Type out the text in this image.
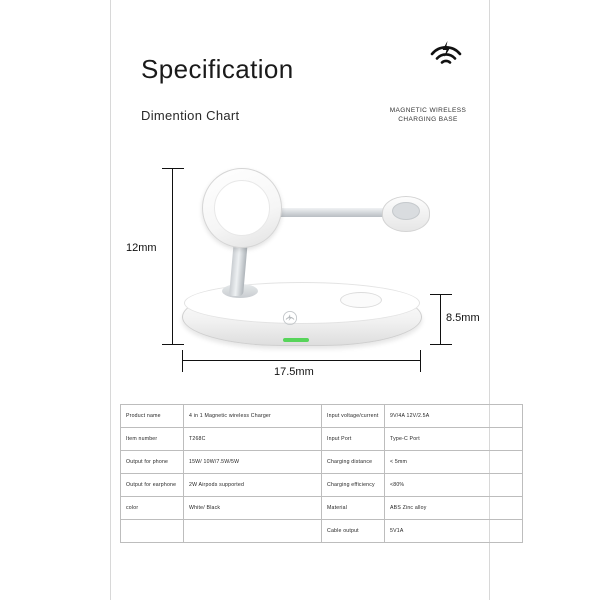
Specification
Dimention Chart	MAGNETIC WIRELESS
CHARGING BASE
12mm
8.5mm
17.5mm
Product name	4 in 1 Magnetic wireless Charger	Input voltage/current	9V/4A 12V/2.5A
Item number	T268C	Input Port	Type-C Port
Output for phone	15W/ 10W/7.5W/5W	Charging distance	< 5mm
Output for earphone	2W Airpods supported	Charging efficiency	<80%
color	White/ Black	Material	ABS Zinc alloy
		Cable output	5V1A
